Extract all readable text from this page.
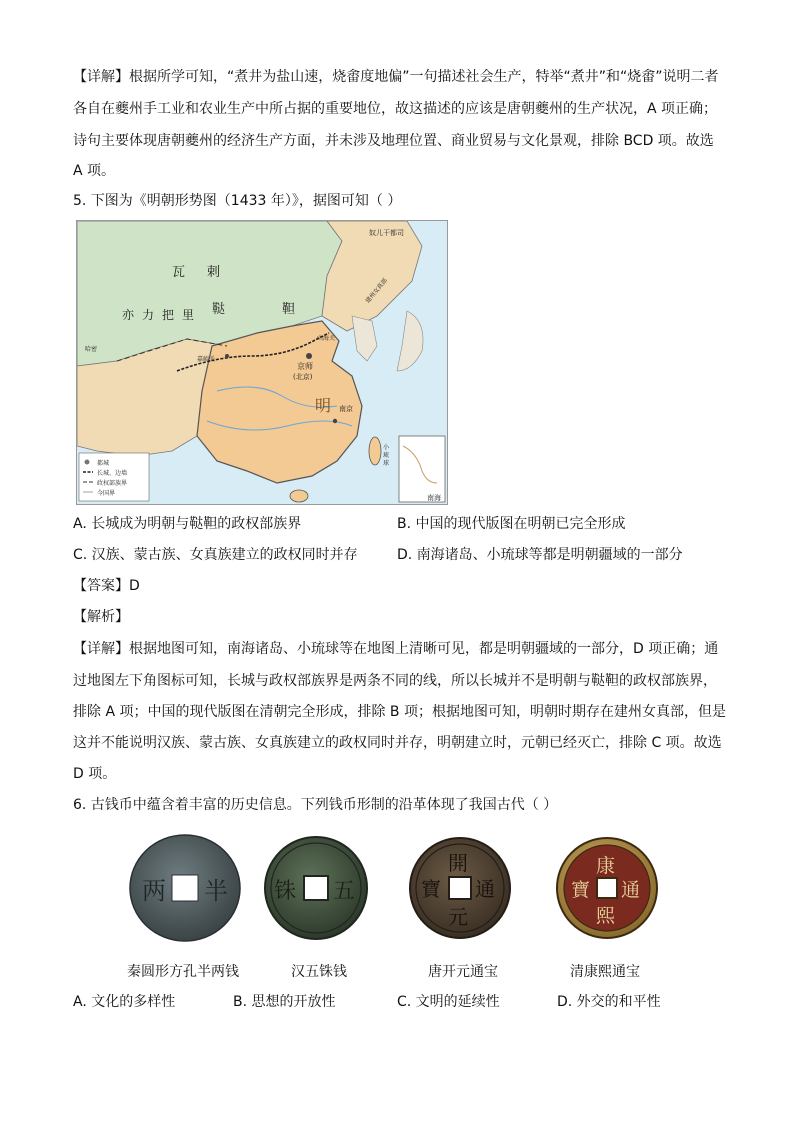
【详解】根据所学可知，“煮井为盐山速，烧畬度地偏”一句描述社会生产，特举“煮井”和“烧畬”说明二者
各自在夔州手工业和农业生产中所占据的重要地位，故这描述的应该是唐朝夔州的生产状况，A 项正确；
诗句主要体现唐朝夔州的经济生产方面，并未涉及地理位置、商业贸易与文化景观，排除 BCD 项。故选
A 项。
5. 下图为《明朝形势图（1433 年）》，据图可知（ ）
瓦 剌
鞑	靼
亦 力 把 里
明
奴儿干都司
建州女真部
山海关
京师
(北京)
嘉峪关
南京
小
琉
球
哈密
南海
都城
长城、边墙
政权部族界
今国界
A. 长城成为明朝与鞑靼的政权部族界	B. 中国的现代版图在明朝已完全形成
C. 汉族、蒙古族、女真族建立的政权同时并存	D. 南海诸岛、小琉球等都是明朝疆域的一部分
【答案】D
【解析】
【详解】根据地图可知，南海诸岛、小琉球等在地图上清晰可见，都是明朝疆域的一部分，D 项正确；通
过地图左下角图标可知，长城与政权部族界是两条不同的线，所以长城并不是明朝与鞑靼的政权部族界，
排除 A 项；中国的现代版图在清朝完全形成，排除 B 项；根据地图可知，明朝时期存在建州女真部，但是
这并不能说明汉族、蒙古族、女真族建立的政权同时并存，明朝建立时，元朝已经灭亡，排除 C 项。故选
D 项。
6. 古钱币中蕴含着丰富的历史信息。下列钱币形制的沿革体现了我国古代（ ）
两 半 铢 五
開
元
寶 通
康
熙
寶 通
秦圆形方孔半两钱	汉五铢钱	唐开元通宝	清康熙通宝
A. 文化的多样性	B. 思想的开放性	C. 文明的延续性	D. 外交的和平性
